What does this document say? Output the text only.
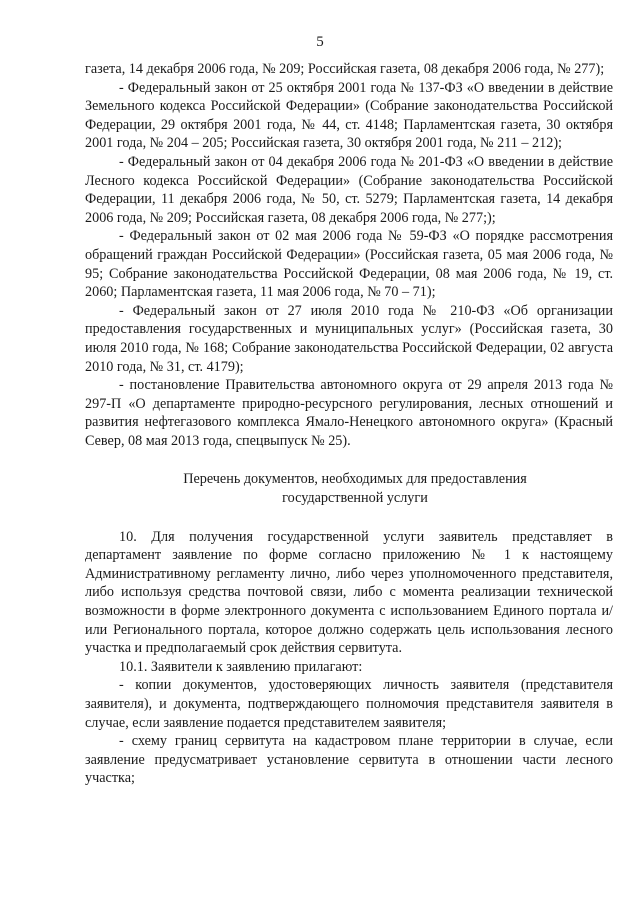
5

газета, 14 декабря 2006 года, № 209; Российская газета, 08 декабря 2006 года, № 277);

- Федеральный закон от 25 октября 2001 года № 137-ФЗ «О введении в действие Земельного кодекса Российской Федерации» (Собрание законодательства Российской Федерации, 29 октября 2001 года, № 44, ст. 4148; Парламентская газета, 30 октября 2001 года, № 204 – 205; Российская газета, 30 октября 2001 года, № 211 – 212);

- Федеральный закон от 04 декабря 2006 года № 201-ФЗ «О введении в действие Лесного кодекса Российской Федерации» (Собрание законодательства Российской Федерации, 11 декабря 2006 года, № 50, ст. 5279; Парламентская газета, 14 декабря 2006 года, № 209; Российская газета, 08 декабря 2006 года, № 277;);

- Федеральный закон от 02 мая 2006 года № 59-ФЗ «О порядке рассмотрения обращений граждан Российской Федерации» (Российская газета, 05 мая 2006 года, № 95; Собрание законодательства Российской Федерации, 08 мая 2006 года, № 19, ст. 2060; Парламентская газета, 11 мая 2006 года, № 70 – 71);

- Федеральный закон от 27 июля 2010 года № 210-ФЗ «Об организации предоставления государственных и муниципальных услуг» (Российская газета, 30 июля 2010 года, № 168; Собрание законодательства Российской Федерации, 02 августа 2010 года, № 31, ст. 4179);

- постановление Правительства автономного округа от 29 апреля 2013 года № 297-П «О департаменте природно-ресурсного регулирования, лесных отношений и развития нефтегазового комплекса Ямало-Ненецкого автономного округа» (Красный Север, 08 мая 2013 года, спецвыпуск № 25).

Перечень документов, необходимых для предоставления
государственной услуги

10. Для получения государственной услуги заявитель представляет в департамент заявление по форме согласно приложению № 1 к настоящему Административному регламенту лично, либо через уполномоченного представителя, либо используя средства почтовой связи, либо с момента реализации технической возможности в форме электронного документа с использованием Единого портала и/или Регионального портала, которое должно содержать цель использования лесного участка и предполагаемый срок действия сервитута.

10.1. Заявители к заявлению прилагают:

- копии документов, удостоверяющих личность заявителя (представителя заявителя), и документа, подтверждающего полномочия представителя заявителя в случае, если заявление подается представителем заявителя;

- схему границ сервитута на кадастровом плане территории в случае, если заявление предусматривает установление сервитута в отношении части лесного участка;
